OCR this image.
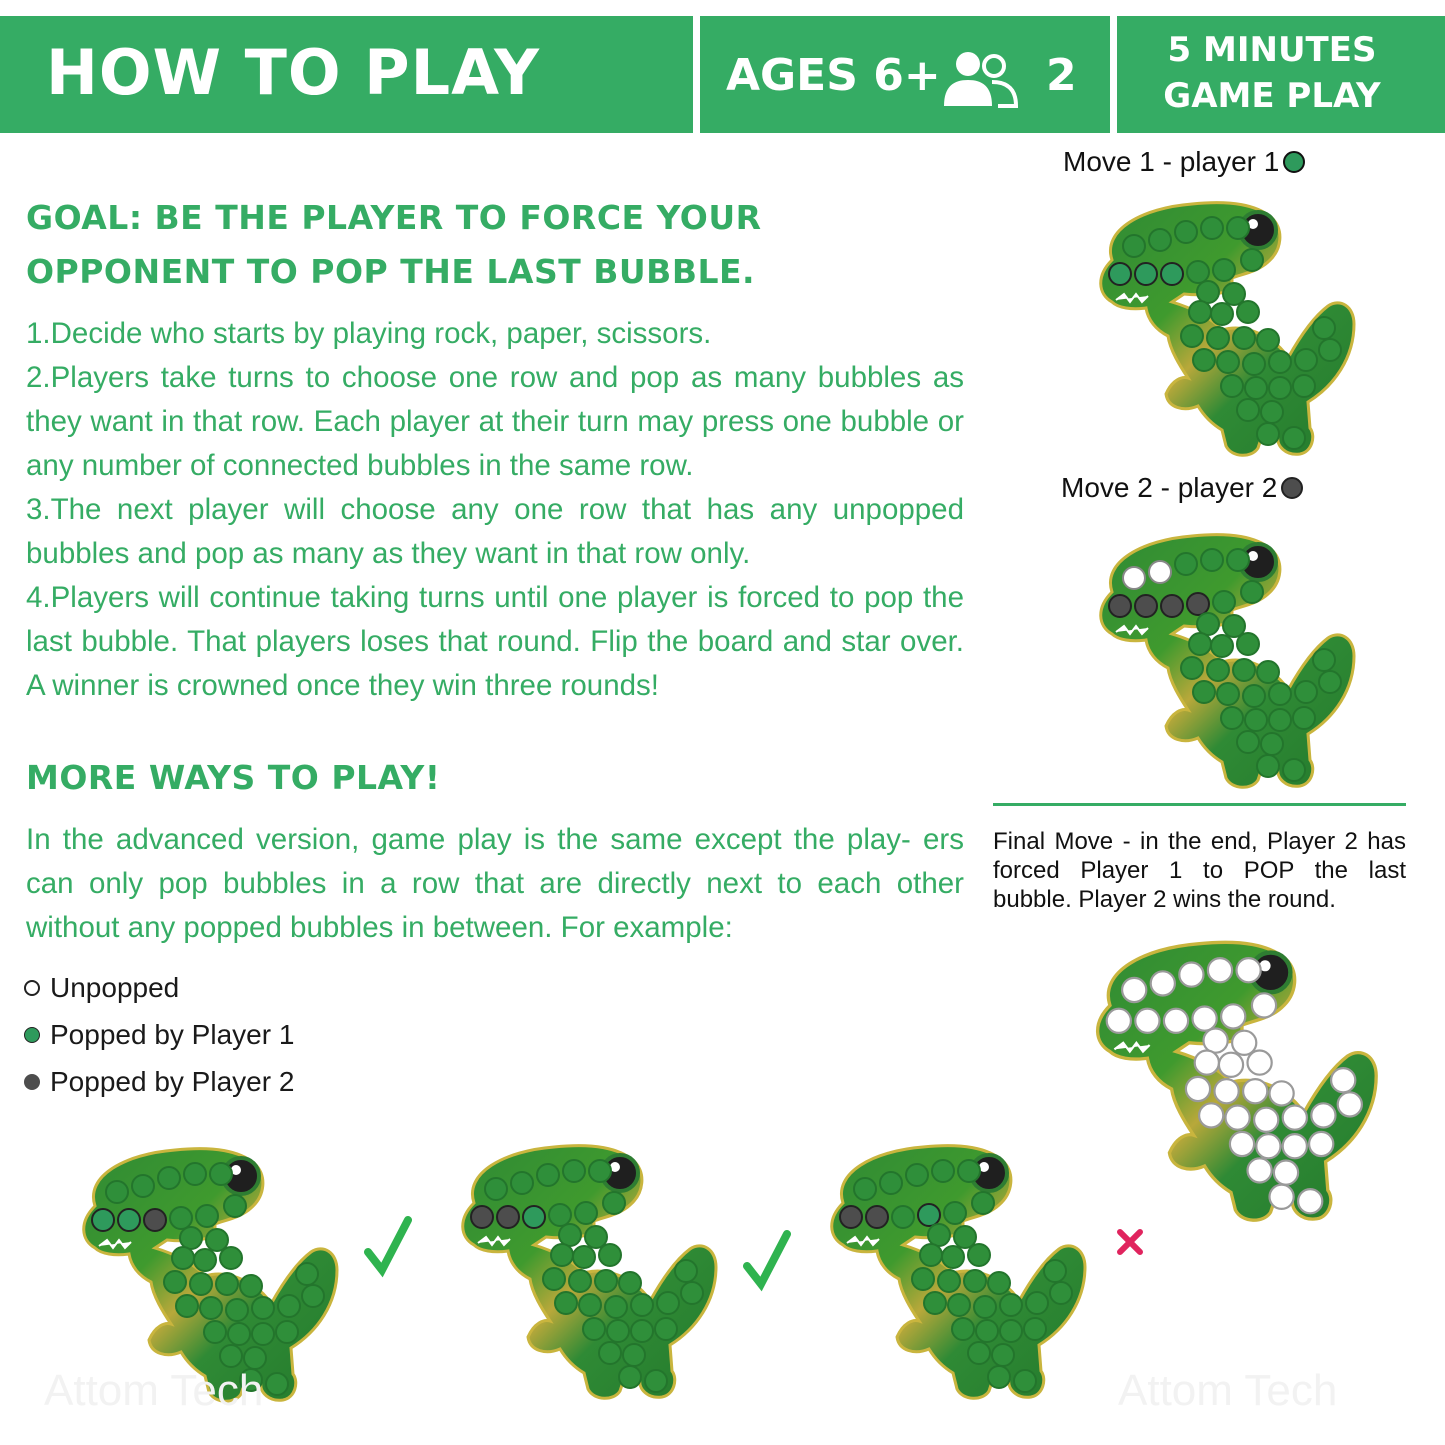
HOW TO PLAY	AGES 6+ 2	5 MINUTES
GAME PLAY
GOAL: BE THE PLAYER TO FORCE YOUR
OPPONENT TO POP THE LAST BUBBLE.

1.Decide who starts by playing rock, paper, scissors.

2.Players take turns to choose one row and pop as many bubbles as they want in that row. Each player at their turn may press one bubble or any number of connected bubbles in the same row.

3.The next player will choose any one row that has any unpopped bubbles and pop as many as they want in that row only.

4.Players will continue taking turns until one player is forced to pop the last bubble. That players loses that round. Flip the board and star over. A winner is crowned once they win three rounds!

MORE WAYS TO PLAY!
In the advanced version, game play is the same except the play- ers can only pop bubbles in a row that are directly next to each other without any popped bubbles in between. For example:
Unpopped
Popped by Player 1
Popped by Player 2
Move 1 - player 1
Move 2 - player 2
Final Move - in the end, Player 2 has forced Player 1 to POP the last bubble. Player 2 wins the round.
Attom Tech	Attom Tech
